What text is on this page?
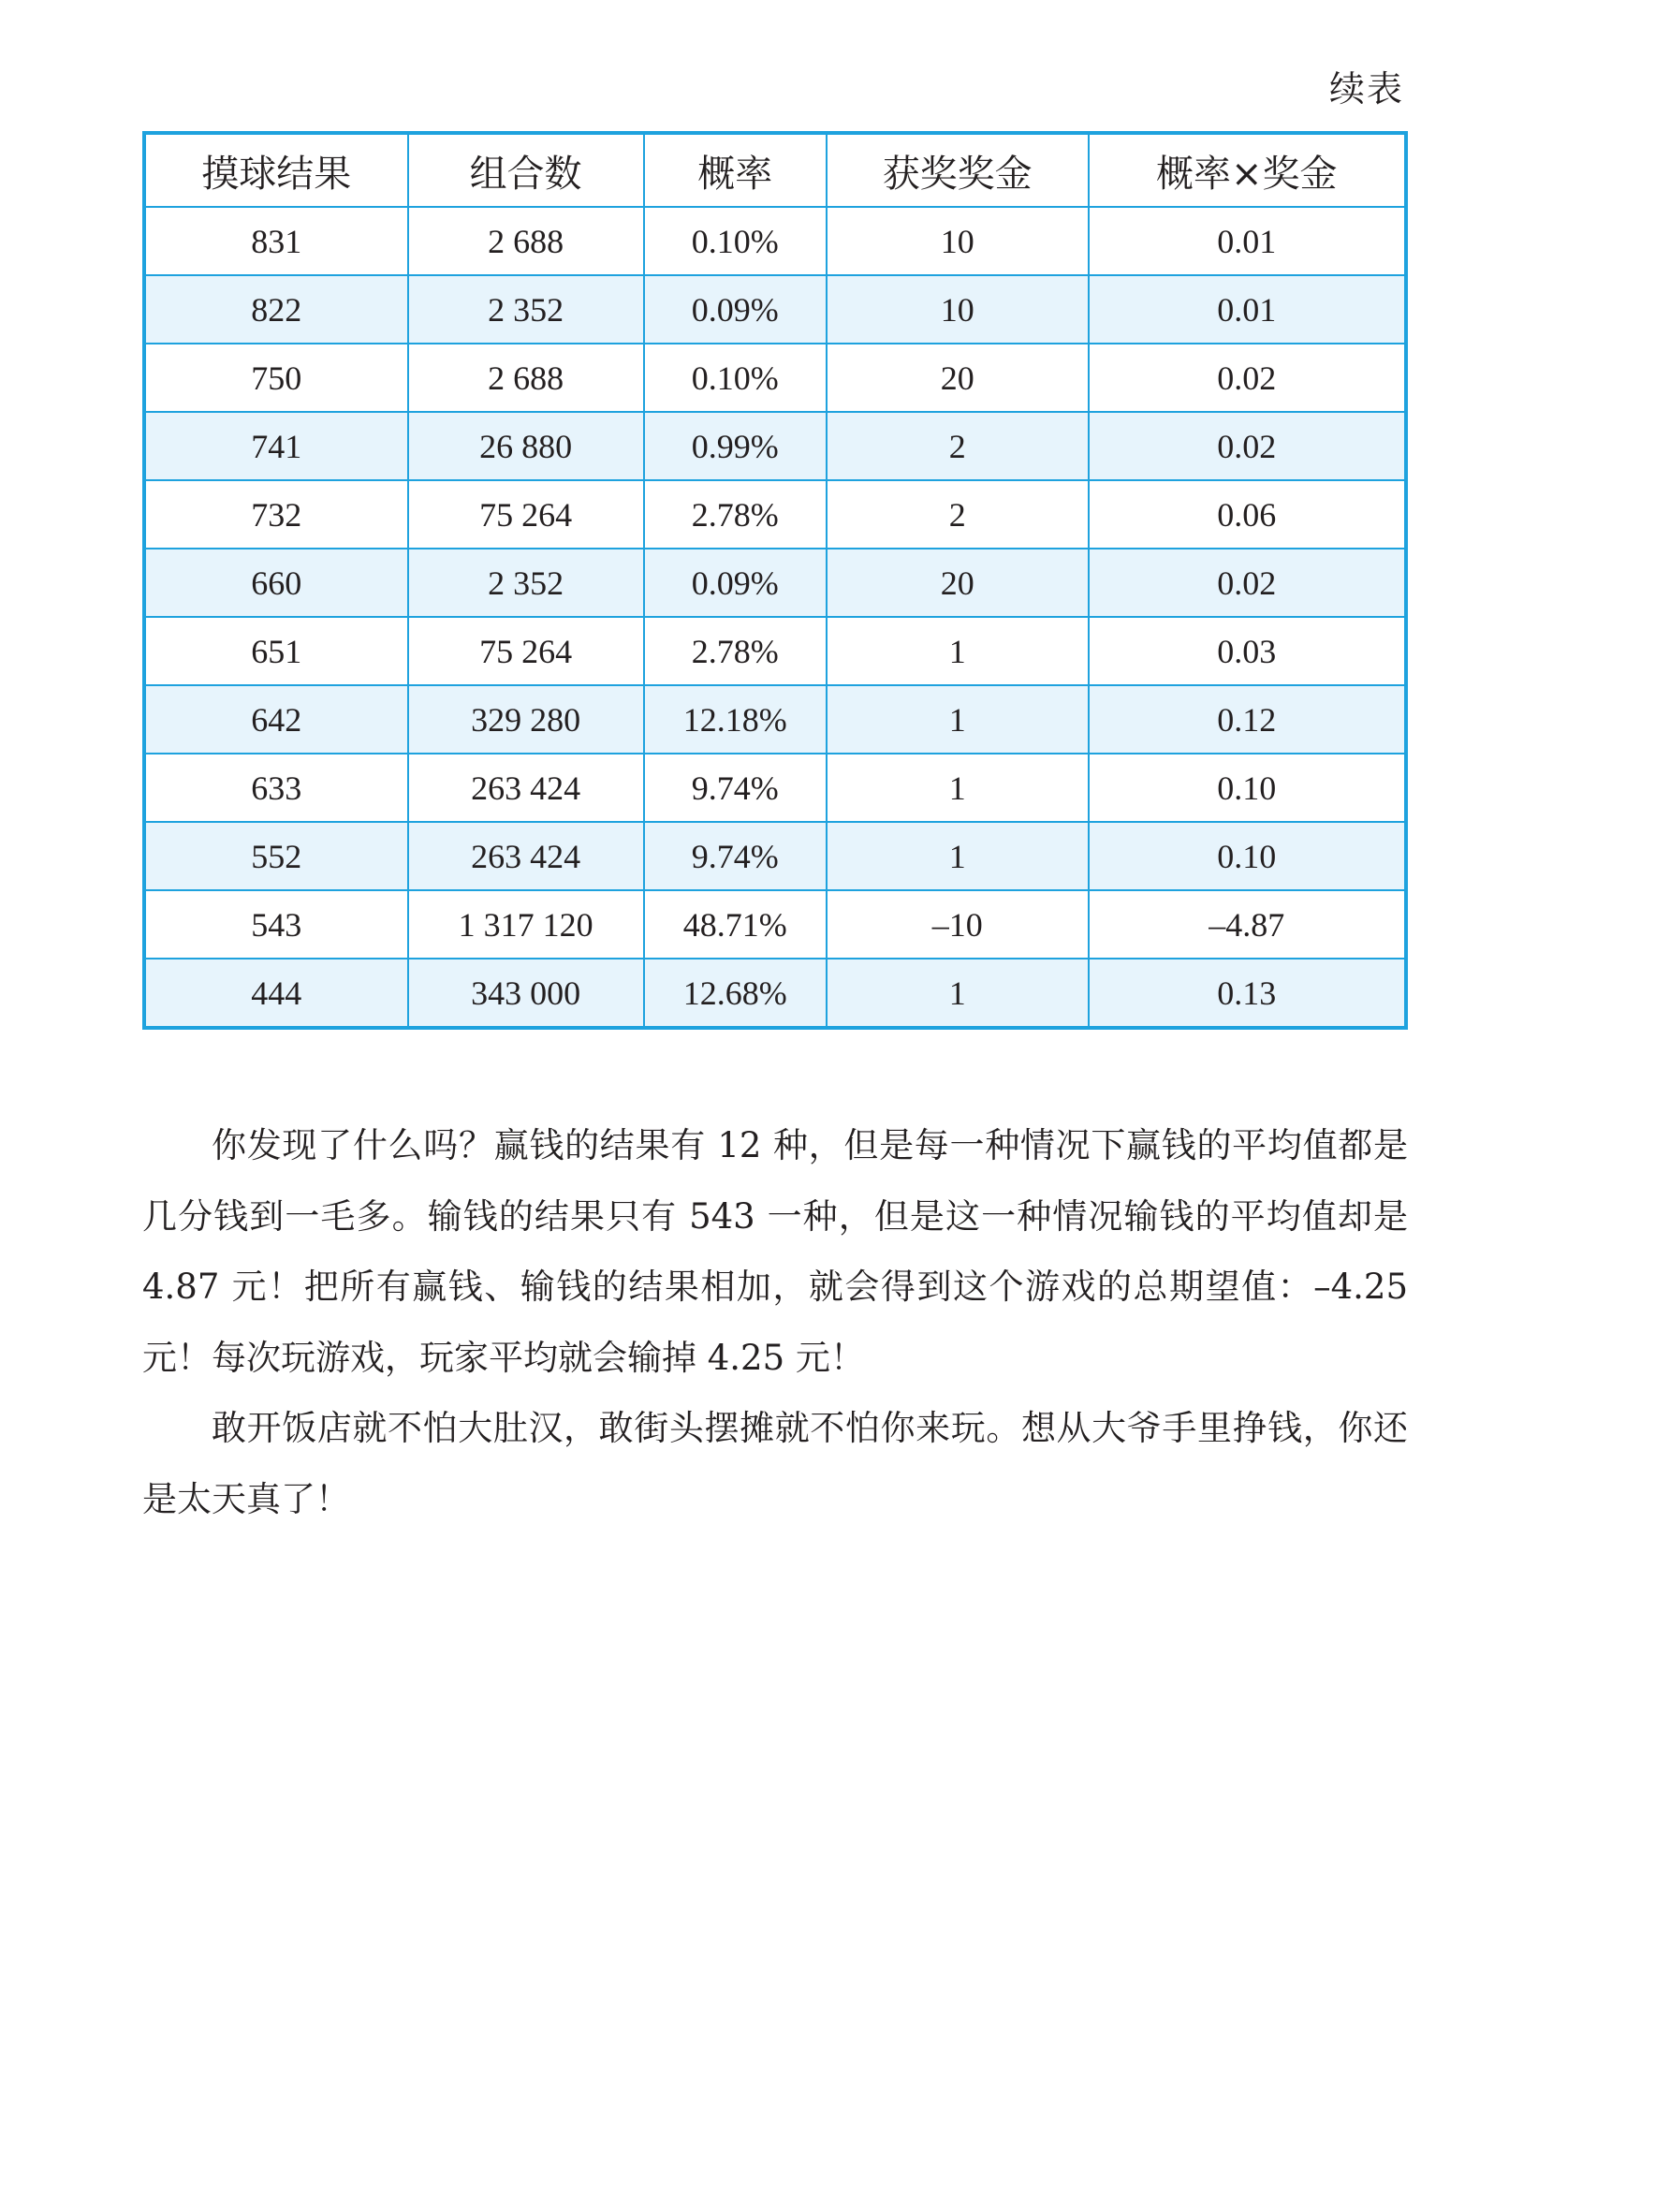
续表
摸球结果	组合数	概率	获奖奖金	概率×奖金
831	2 688	0.10%	10	0.01
822	2 352	0.09%	10	0.01
750	2 688	0.10%	20	0.02
741	26 880	0.99%	2	0.02
732	75 264	2.78%	2	0.06
660	2 352	0.09%	20	0.02
651	75 264	2.78%	1	0.03
642	329 280	12.18%	1	0.12
633	263 424	9.74%	1	0.10
552	263 424	9.74%	1	0.10
543	1 317 120	48.71%	–10	–4.87
444	343 000	12.68%	1	0.13

你发现了什么吗？赢钱的结果有 12 种，但是每一种情况下赢钱的平均值都是几分钱到一毛多。输钱的结果只有 543 一种，但是这一种情况输钱的平均值却是 4.87 元！把所有赢钱、输钱的结果相加，就会得到这个游戏的总期望值：–4.25 元！每次玩游戏，玩家平均就会输掉 4.25 元！

敢开饭店就不怕大肚汉，敢街头摆摊就不怕你来玩。想从大爷手里挣钱，你还是太天真了！
